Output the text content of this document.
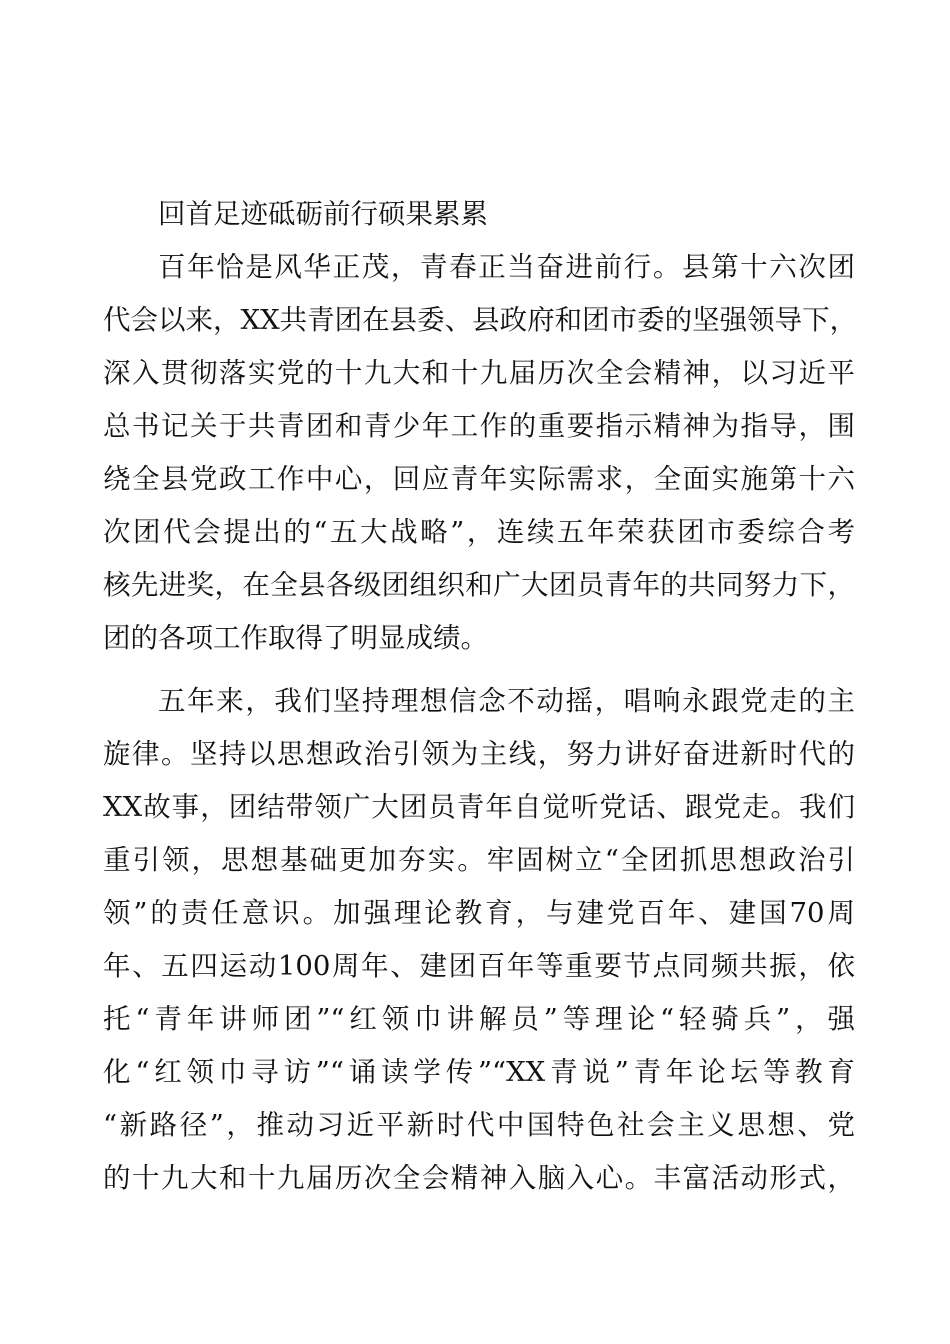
回首足迹砥砺前行硕果累累
百年恰是风华正茂，青春正当奋进前行。县第十六次团
代会以来，XX共青团在县委、县政府和团市委的坚强领导下，
深入贯彻落实党的十九大和十九届历次全会精神，以习近平
总书记关于共青团和青少年工作的重要指示精神为指导，围
绕全县党政工作中心，回应青年实际需求，全面实施第十六
次团代会提出的“五大战略”，连续五年荣获团市委综合考
核先进奖，在全县各级团组织和广大团员青年的共同努力下，
团的各项工作取得了明显成绩。
五年来，我们坚持理想信念不动摇，唱响永跟党走的主
旋律。坚持以思想政治引领为主线，努力讲好奋进新时代的
XX故事，团结带领广大团员青年自觉听党话、跟党走。我们
重引领，思想基础更加夯实。牢固树立“全团抓思想政治引
领”的责任意识。加强理论教育，与建党百年、建国70周
年、五四运动100周年、建团百年等重要节点同频共振，依
托“青年讲师团”“红领巾讲解员”等理论“轻骑兵”，强
化“红领巾寻访”“诵读学传”“XX青说”青年论坛等教育
“新路径”，推动习近平新时代中国特色社会主义思想、党
的十九大和十九届历次全会精神入脑入心。丰富活动形式，
